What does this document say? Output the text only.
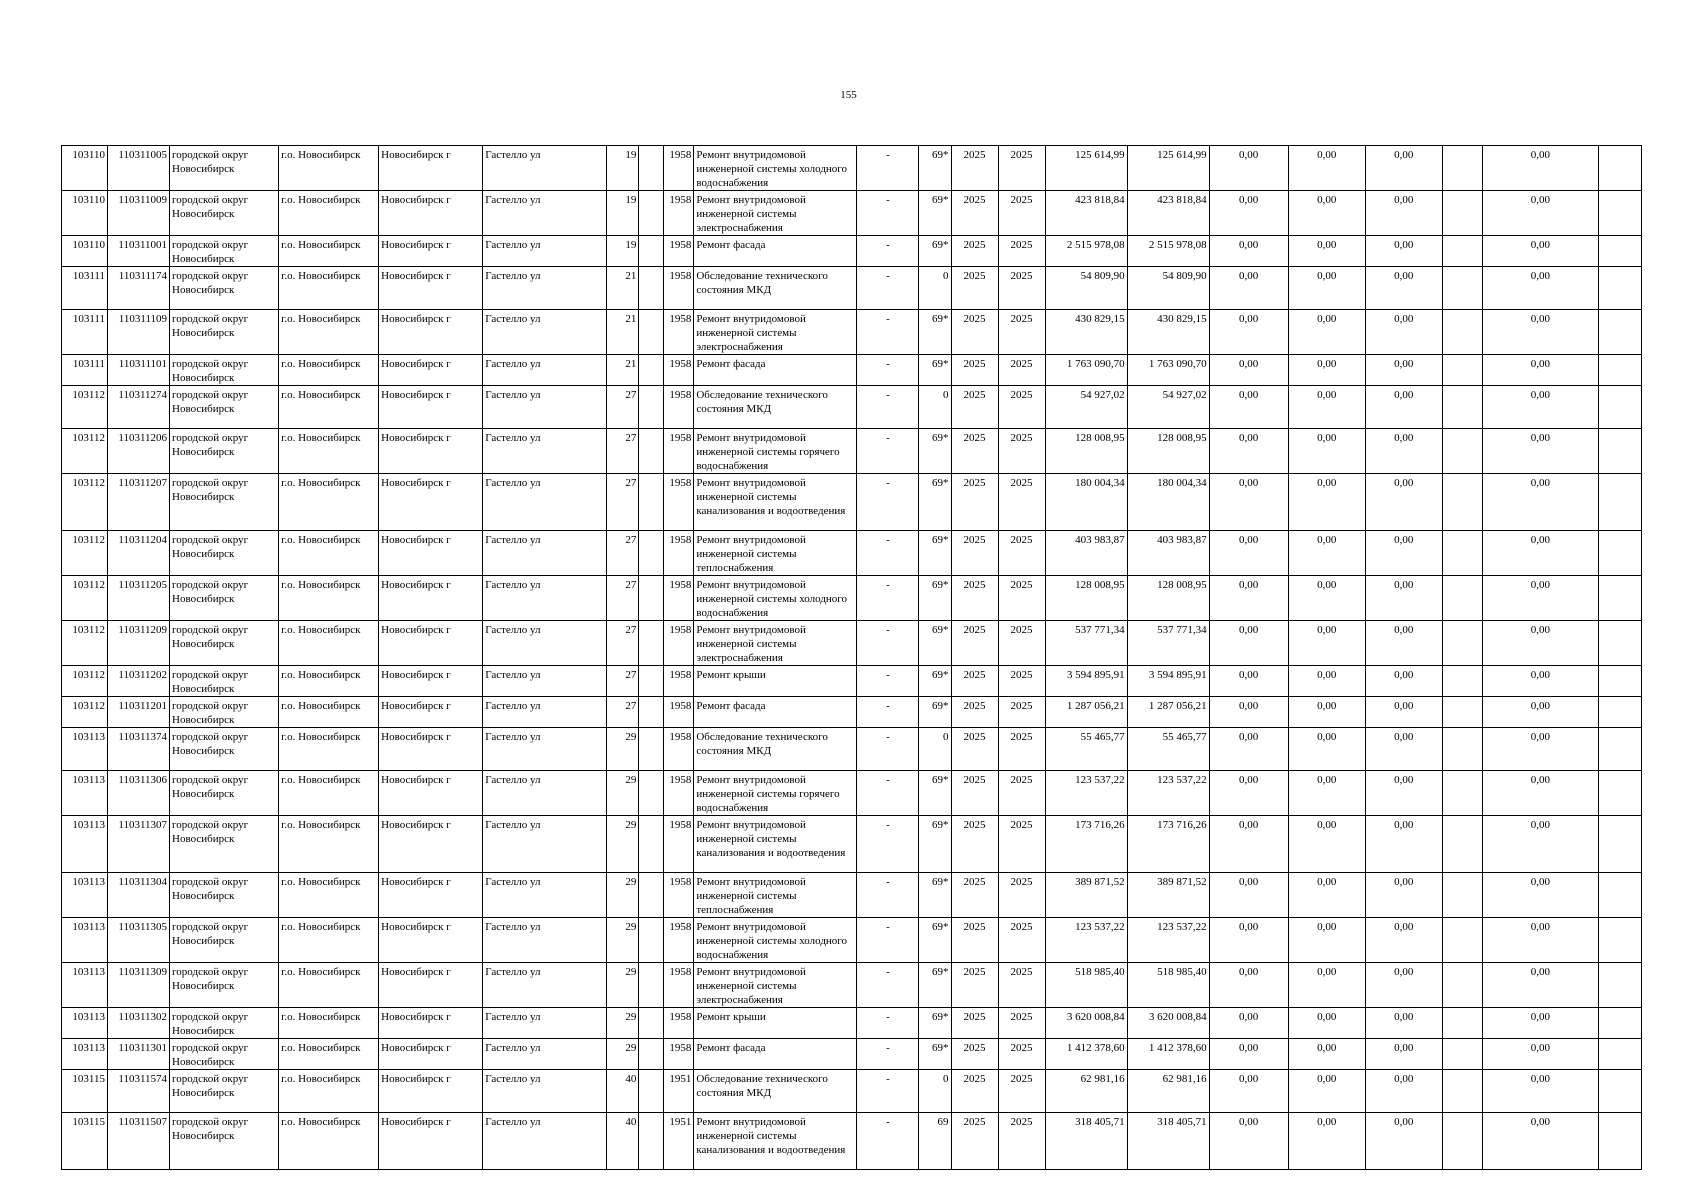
155
103110	110311005	городской округ Новосибирск	г.о. Новосибирск	Новосибирск г	Гастелло ул	19		1958	Ремонт внутридомовой инженерной системы холодного водоснабжения	-	69*	2025	2025	125 614,99	125 614,99	0,00	0,00	0,00		0,00	
103110	110311009	городской округ Новосибирск	г.о. Новосибирск	Новосибирск г	Гастелло ул	19		1958	Ремонт внутридомовой инженерной системы электроснабжения	-	69*	2025	2025	423 818,84	423 818,84	0,00	0,00	0,00		0,00	
103110	110311001	городской округ Новосибирск	г.о. Новосибирск	Новосибирск г	Гастелло ул	19		1958	Ремонт фасада	-	69*	2025	2025	2 515 978,08	2 515 978,08	0,00	0,00	0,00		0,00	
103111	110311174	городской округ Новосибирск	г.о. Новосибирск	Новосибирск г	Гастелло ул	21		1958	Обследование технического состояния МКД	-	0	2025	2025	54 809,90	54 809,90	0,00	0,00	0,00		0,00	
103111	110311109	городской округ Новосибирск	г.о. Новосибирск	Новосибирск г	Гастелло ул	21		1958	Ремонт внутридомовой инженерной системы электроснабжения	-	69*	2025	2025	430 829,15	430 829,15	0,00	0,00	0,00		0,00	
103111	110311101	городской округ Новосибирск	г.о. Новосибирск	Новосибирск г	Гастелло ул	21		1958	Ремонт фасада	-	69*	2025	2025	1 763 090,70	1 763 090,70	0,00	0,00	0,00		0,00	
103112	110311274	городской округ Новосибирск	г.о. Новосибирск	Новосибирск г	Гастелло ул	27		1958	Обследование технического состояния МКД	-	0	2025	2025	54 927,02	54 927,02	0,00	0,00	0,00		0,00	
103112	110311206	городской округ Новосибирск	г.о. Новосибирск	Новосибирск г	Гастелло ул	27		1958	Ремонт внутридомовой инженерной системы горячего водоснабжения	-	69*	2025	2025	128 008,95	128 008,95	0,00	0,00	0,00		0,00	
103112	110311207	городской округ Новосибирск	г.о. Новосибирск	Новосибирск г	Гастелло ул	27		1958	Ремонт внутридомовой инженерной системы канализования и водоотведения	-	69*	2025	2025	180 004,34	180 004,34	0,00	0,00	0,00		0,00	
103112	110311204	городской округ Новосибирск	г.о. Новосибирск	Новосибирск г	Гастелло ул	27		1958	Ремонт внутридомовой инженерной системы теплоснабжения	-	69*	2025	2025	403 983,87	403 983,87	0,00	0,00	0,00		0,00	
103112	110311205	городской округ Новосибирск	г.о. Новосибирск	Новосибирск г	Гастелло ул	27		1958	Ремонт внутридомовой инженерной системы холодного водоснабжения	-	69*	2025	2025	128 008,95	128 008,95	0,00	0,00	0,00		0,00	
103112	110311209	городской округ Новосибирск	г.о. Новосибирск	Новосибирск г	Гастелло ул	27		1958	Ремонт внутридомовой инженерной системы электроснабжения	-	69*	2025	2025	537 771,34	537 771,34	0,00	0,00	0,00		0,00	
103112	110311202	городской округ Новосибирск	г.о. Новосибирск	Новосибирск г	Гастелло ул	27		1958	Ремонт крыши	-	69*	2025	2025	3 594 895,91	3 594 895,91	0,00	0,00	0,00		0,00	
103112	110311201	городской округ Новосибирск	г.о. Новосибирск	Новосибирск г	Гастелло ул	27		1958	Ремонт фасада	-	69*	2025	2025	1 287 056,21	1 287 056,21	0,00	0,00	0,00		0,00	
103113	110311374	городской округ Новосибирск	г.о. Новосибирск	Новосибирск г	Гастелло ул	29		1958	Обследование технического состояния МКД	-	0	2025	2025	55 465,77	55 465,77	0,00	0,00	0,00		0,00	
103113	110311306	городской округ Новосибирск	г.о. Новосибирск	Новосибирск г	Гастелло ул	29		1958	Ремонт внутридомовой инженерной системы горячего водоснабжения	-	69*	2025	2025	123 537,22	123 537,22	0,00	0,00	0,00		0,00	
103113	110311307	городской округ Новосибирск	г.о. Новосибирск	Новосибирск г	Гастелло ул	29		1958	Ремонт внутридомовой инженерной системы канализования и водоотведения	-	69*	2025	2025	173 716,26	173 716,26	0,00	0,00	0,00		0,00	
103113	110311304	городской округ Новосибирск	г.о. Новосибирск	Новосибирск г	Гастелло ул	29		1958	Ремонт внутридомовой инженерной системы теплоснабжения	-	69*	2025	2025	389 871,52	389 871,52	0,00	0,00	0,00		0,00	
103113	110311305	городской округ Новосибирск	г.о. Новосибирск	Новосибирск г	Гастелло ул	29		1958	Ремонт внутридомовой инженерной системы холодного водоснабжения	-	69*	2025	2025	123 537,22	123 537,22	0,00	0,00	0,00		0,00	
103113	110311309	городской округ Новосибирск	г.о. Новосибирск	Новосибирск г	Гастелло ул	29		1958	Ремонт внутридомовой инженерной системы электроснабжения	-	69*	2025	2025	518 985,40	518 985,40	0,00	0,00	0,00		0,00	
103113	110311302	городской округ Новосибирск	г.о. Новосибирск	Новосибирск г	Гастелло ул	29		1958	Ремонт крыши	-	69*	2025	2025	3 620 008,84	3 620 008,84	0,00	0,00	0,00		0,00	
103113	110311301	городской округ Новосибирск	г.о. Новосибирск	Новосибирск г	Гастелло ул	29		1958	Ремонт фасада	-	69*	2025	2025	1 412 378,60	1 412 378,60	0,00	0,00	0,00		0,00	
103115	110311574	городской округ Новосибирск	г.о. Новосибирск	Новосибирск г	Гастелло ул	40		1951	Обследование технического состояния МКД	-	0	2025	2025	62 981,16	62 981,16	0,00	0,00	0,00		0,00	
103115	110311507	городской округ Новосибирск	г.о. Новосибирск	Новосибирск г	Гастелло ул	40		1951	Ремонт внутридомовой инженерной системы канализования и водоотведения	-	69	2025	2025	318 405,71	318 405,71	0,00	0,00	0,00		0,00	
